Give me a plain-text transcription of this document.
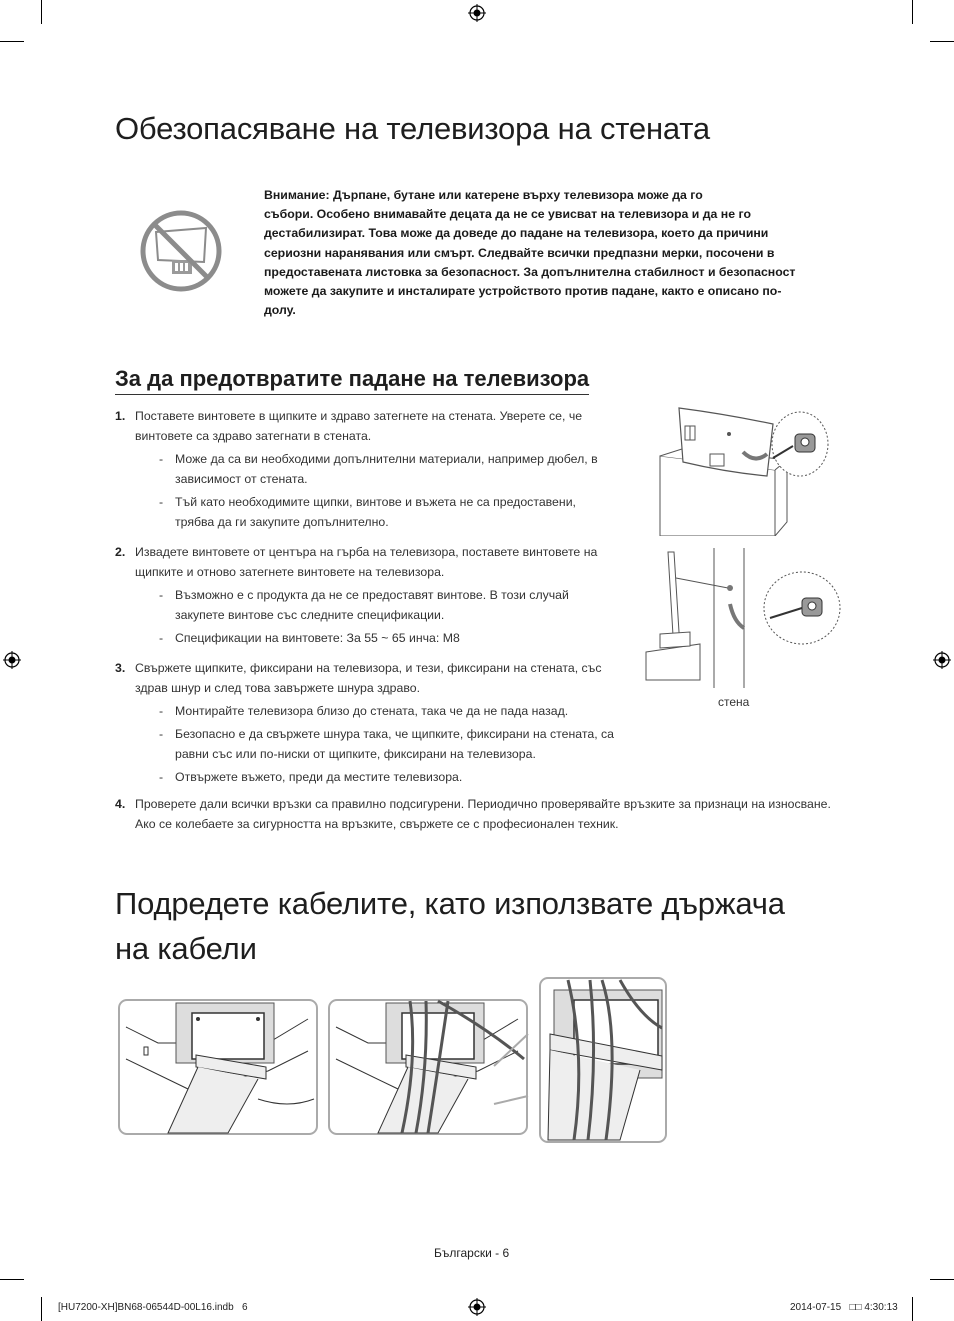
Обезопасяване на телевизора на стената
Внимание: Дърпане, бутане или катерене върху телевизора може да го
събори. Особено внимавайте децата да не се увисват на телевизора и да не го
дестабилизират. Това може да доведе до падане на телевизора, което да причини
сериозни наранявания или смърт. Следвайте всички предпазни мерки, посочени в
предоставената листовка за безопасност. За допълнителна стабилност и безопасност
можете да закупите и инсталирате устройството против падане, както е описано по-
долу.
За да предотвратите падане на телевизора
1. Поставете винтовете в щипките и здраво затегнете на стената. Уверете се, че винтовете са здраво затегнати в стената.
- Може да са ви необходими допълнителни материали, например дюбел, в зависимост от стената.
- Тъй като необходимите щипки, винтове и въжета не са предоставени, трябва да ги закупите допълнително.
2. Извадете винтовете от центъра на гърба на телевизора, поставете винтовете на щипките и отново затегнете винтовете на телевизора.
- Възможно е с продукта да не се предоставят винтове. В този случай закупете винтове със следните спецификации.
- Спецификации на винтовете: За 55 ~ 65 инча: M8
3. Свържете щипките, фиксирани на телевизора, и тези, фиксирани на стената, със здрав шнур и след това завържете шнура здраво.
- Монтирайте телевизора близо до стената, така че да не пада назад.
- Безопасно е да свържете шнура така, че щипките, фиксирани на стената, са равни със или по-ниски от щипките, фиксирани на телевизора.
- Отвържете въжето, преди да местите телевизора.
4. Проверете дали всички връзки са правилно подсигурени. Периодично проверявайте връзките за признаци на износване. Ако се колебаете за сигурността на връзките, свържете се с професионален техник.
стена
Подредете кабелите, като използвате държача
на кабели
Български - 6
[HU7200-XH]BN68-06544D-00L16.indb   6	2014-07-15   □□ 4:30:13
